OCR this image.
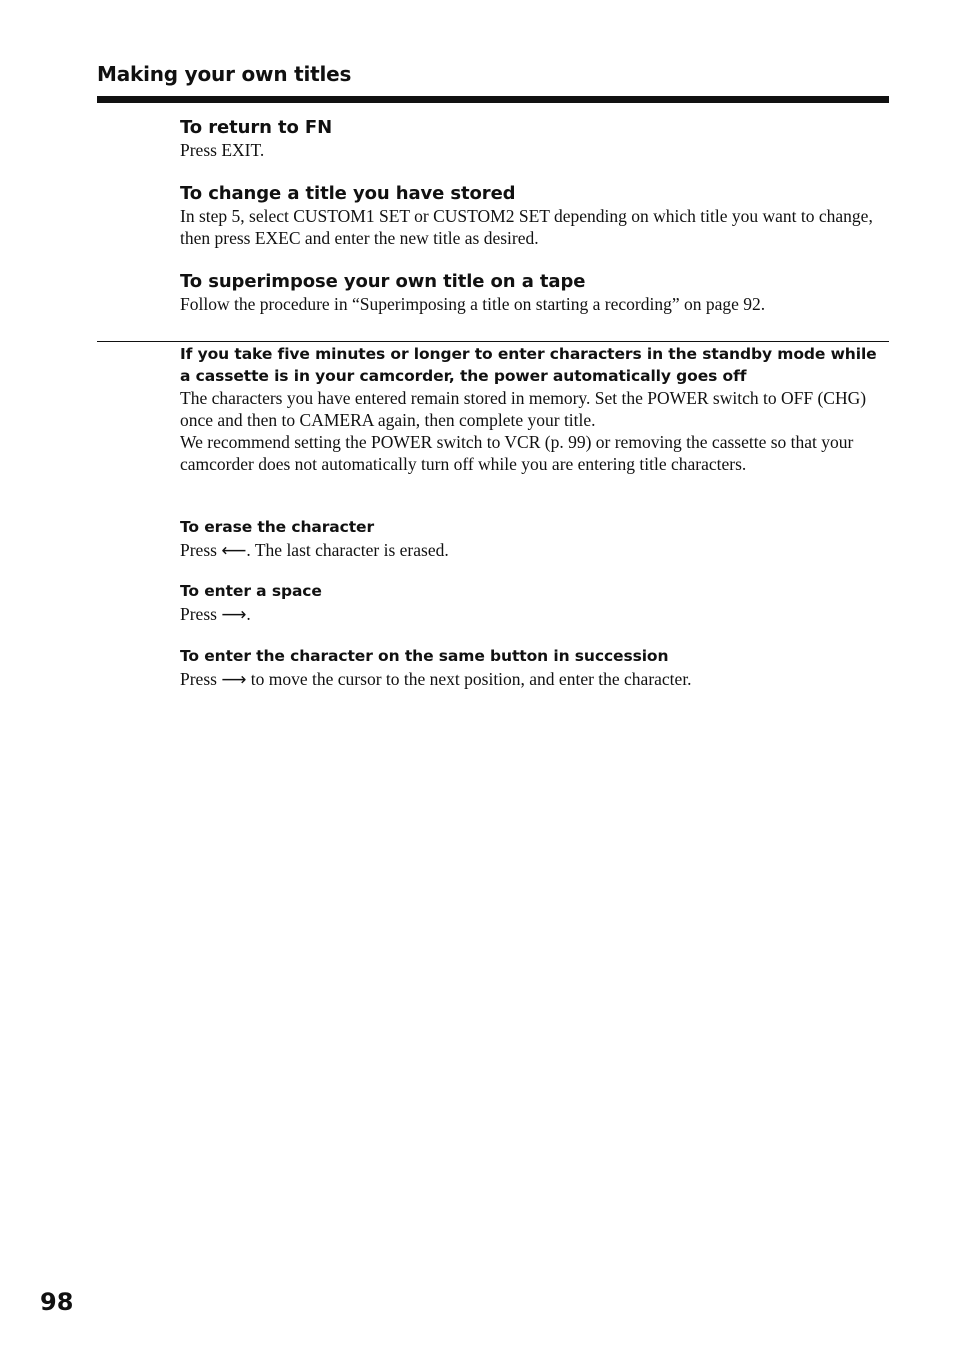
Making your own titles
To return to FN
Press EXIT.
To change a title you have stored
In step 5, select CUSTOM1 SET or CUSTOM2 SET depending on which title you want to change, then press EXEC and enter the new title as desired.
To superimpose your own title on a tape
Follow the procedure in “Superimposing a title on starting a recording” on page 92.
If you take five minutes or longer to enter characters in the standby mode while a cassette is in your camcorder, the power automatically goes off
The characters you have entered remain stored in memory. Set the POWER switch to OFF (CHG) once and then to CAMERA again, then complete your title.
We recommend setting the POWER switch to VCR (p. 99) or removing the cassette so that your camcorder does not automatically turn off while you are entering title characters.
To erase the character
Press ⟵. The last character is erased.
To enter a space
Press ⟶.
To enter the character on the same button in succession
Press ⟶ to move the cursor to the next position, and enter the character.
98
